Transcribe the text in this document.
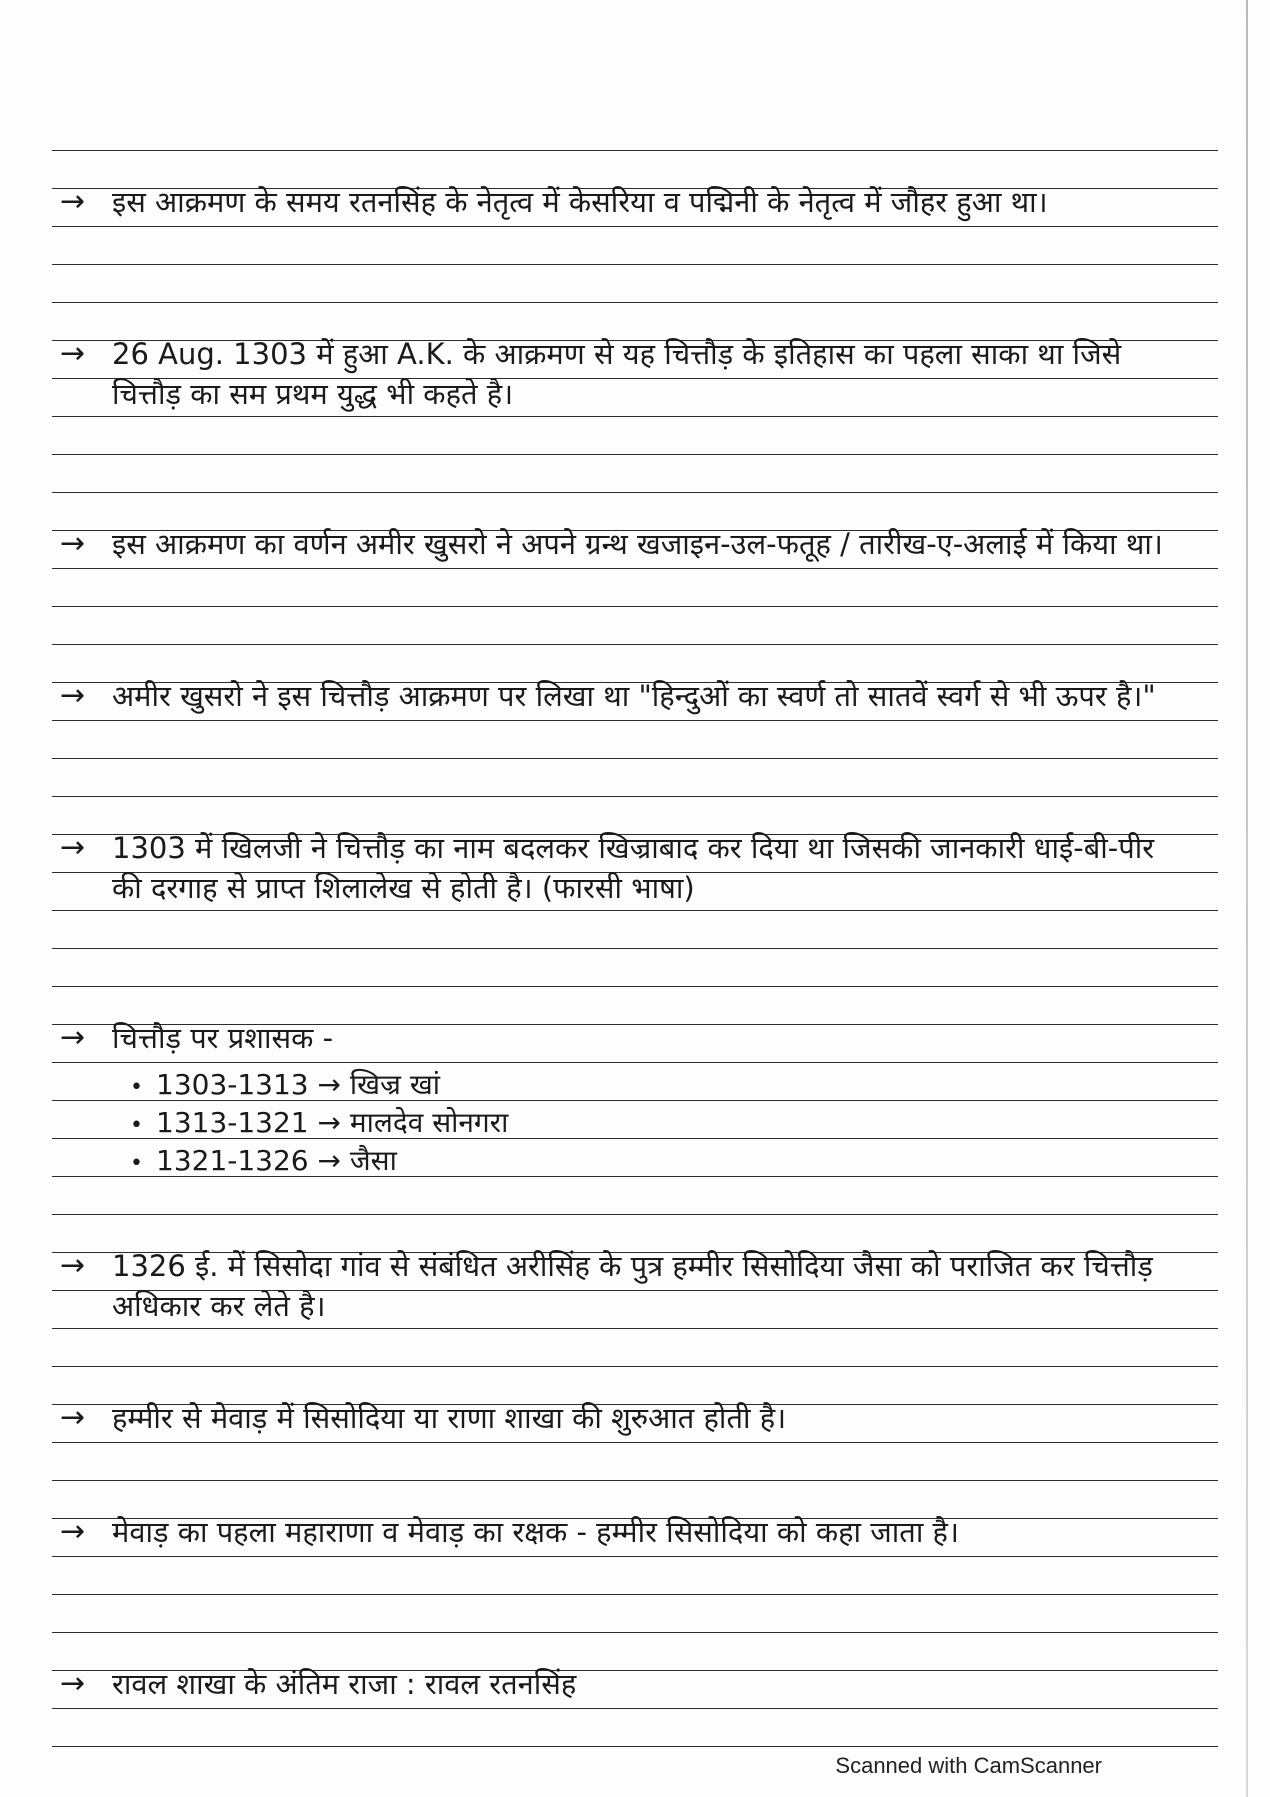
→ इस आक्रमण के समय रतनसिंह के नेतृत्व में केसरिया व पद्मिनी के नेतृत्व में जौहर हुआ था।
→ 26 Aug. 1303 में हुआ A.K. के आक्रमण से यह चित्तौड़ के इतिहास का पहला साका था जिसे चित्तौड़ का सम प्रथम युद्ध भी कहते है।
→ इस आक्रमण का वर्णन अमीर खुसरो ने अपने ग्रन्थ खजाइन-उल-फतूह / तारीख-ए-अलाई में किया था।
→ अमीर खुसरो ने इस चित्तौड़ आक्रमण पर लिखा था "हिन्दुओं का स्वर्ण तो सातवें स्वर्ग से भी ऊपर है।"
→ 1303 में खिलजी ने चित्तौड़ का नाम बदलकर खिज्राबाद कर दिया था जिसकी जानकारी धाई-बी-पीर की दरगाह से प्राप्त शिलालेख से होती है। (फारसी भाषा)
→ चित्तौड़ पर प्रशासक -
• 1303-1313 → खिज्र खां
• 1313-1321 → मालदेव सोनगरा
• 1321-1326 → जैसा
→ 1326 ई. में सिसोदा गांव से संबंधित अरीसिंह के पुत्र हम्मीर सिसोदिया जैसा को पराजित कर चित्तौड़ अधिकार कर लेते है।
→ हम्मीर से मेवाड़ में सिसोदिया या राणा शाखा की शुरुआत होती है।
→ मेवाड़ का पहला महाराणा व मेवाड़ का रक्षक - हम्मीर सिसोदिया को कहा जाता है।
→ रावल शाखा के अंतिम राजा : रावल रतनसिंह
Scanned with CamScanner
